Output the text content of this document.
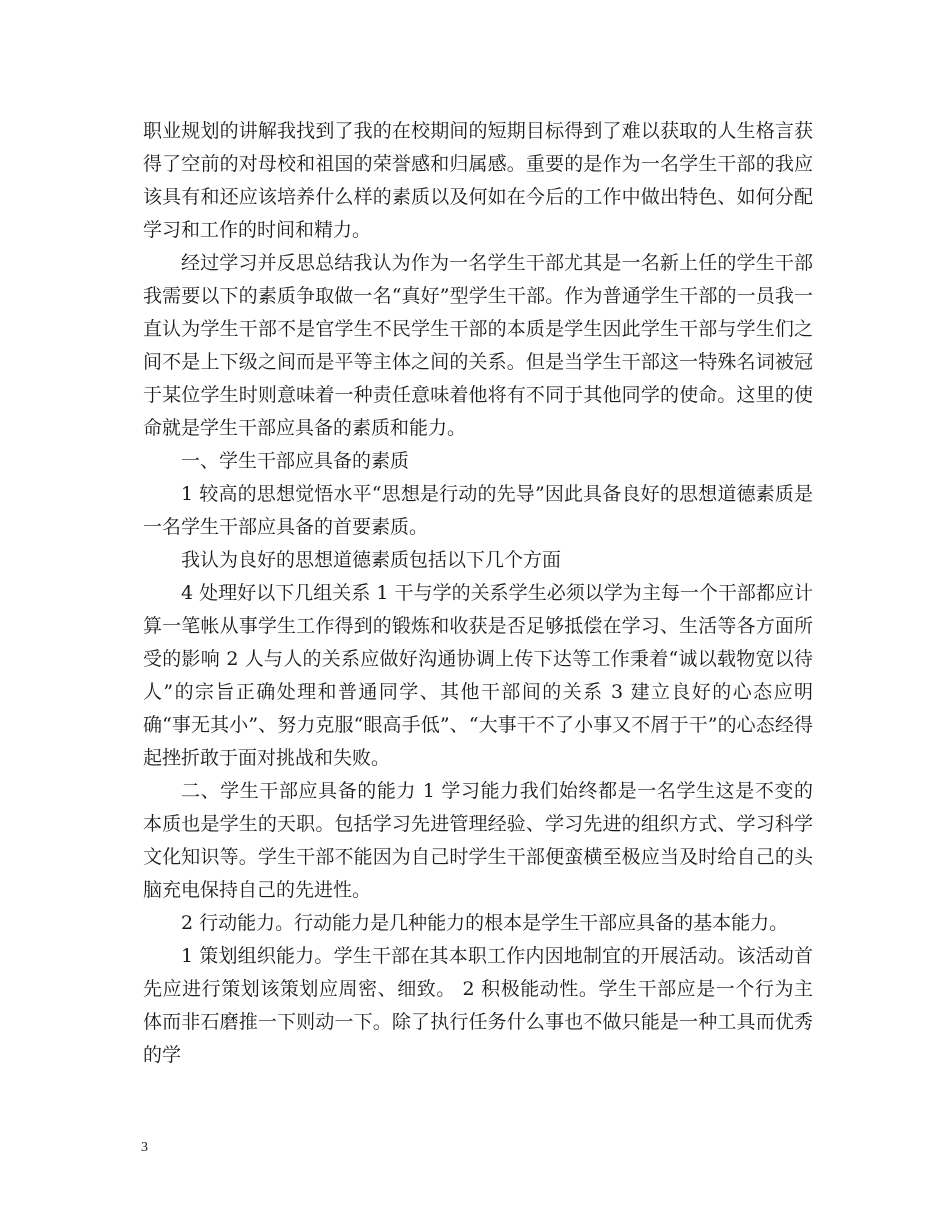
职业规划的讲解我找到了我的在校期间的短期目标得到了难以获取的人生格言获得了空前的对母校和祖国的荣誉感和归属感。重要的是作为一名学生干部的我应该具有和还应该培养什么样的素质以及何如在今后的工作中做出特色、如何分配学习和工作的时间和精力。

经过学习并反思总结我认为作为一名学生干部尤其是一名新上任的学生干部我需要以下的素质争取做一名“真好”型学生干部。作为普通学生干部的一员我一直认为学生干部不是官学生不民学生干部的本质是学生因此学生干部与学生们之间不是上下级之间而是平等主体之间的关系。但是当学生干部这一特殊名词被冠于某位学生时则意味着一种责任意味着他将有不同于其他同学的使命。这里的使命就是学生干部应具备的素质和能力。

一、学生干部应具备的素质

1 较高的思想觉悟水平“思想是行动的先导”因此具备良好的思想道德素质是一名学生干部应具备的首要素质。

我认为良好的思想道德素质包括以下几个方面

4 处理好以下几组关系 1 干与学的关系学生必须以学为主每一个干部都应计算一笔帐从事学生工作得到的锻炼和收获是否足够抵偿在学习、生活等各方面所受的影响 2 人与人的关系应做好沟通协调上传下达等工作秉着“诚以载物宽以待人”的宗旨正确处理和普通同学、其他干部间的关系 3 建立良好的心态应明确“事无其小”、努力克服“眼高手低”、“大事干不了小事又不屑于干”的心态经得起挫折敢于面对挑战和失败。

二、学生干部应具备的能力 1 学习能力我们始终都是一名学生这是不变的本质也是学生的天职。包括学习先进管理经验、学习先进的组织方式、学习科学文化知识等。学生干部不能因为自己时学生干部便蛮横至极应当及时给自己的头脑充电保持自己的先进性。

2 行动能力。行动能力是几种能力的根本是学生干部应具备的基本能力。

1 策划组织能力。学生干部在其本职工作内因地制宜的开展活动。该活动首先应进行策划该策划应周密、细致。 2 积极能动性。学生干部应是一个行为主体而非石磨推一下则动一下。除了执行任务什么事也不做只能是一种工具而优秀的学

3
